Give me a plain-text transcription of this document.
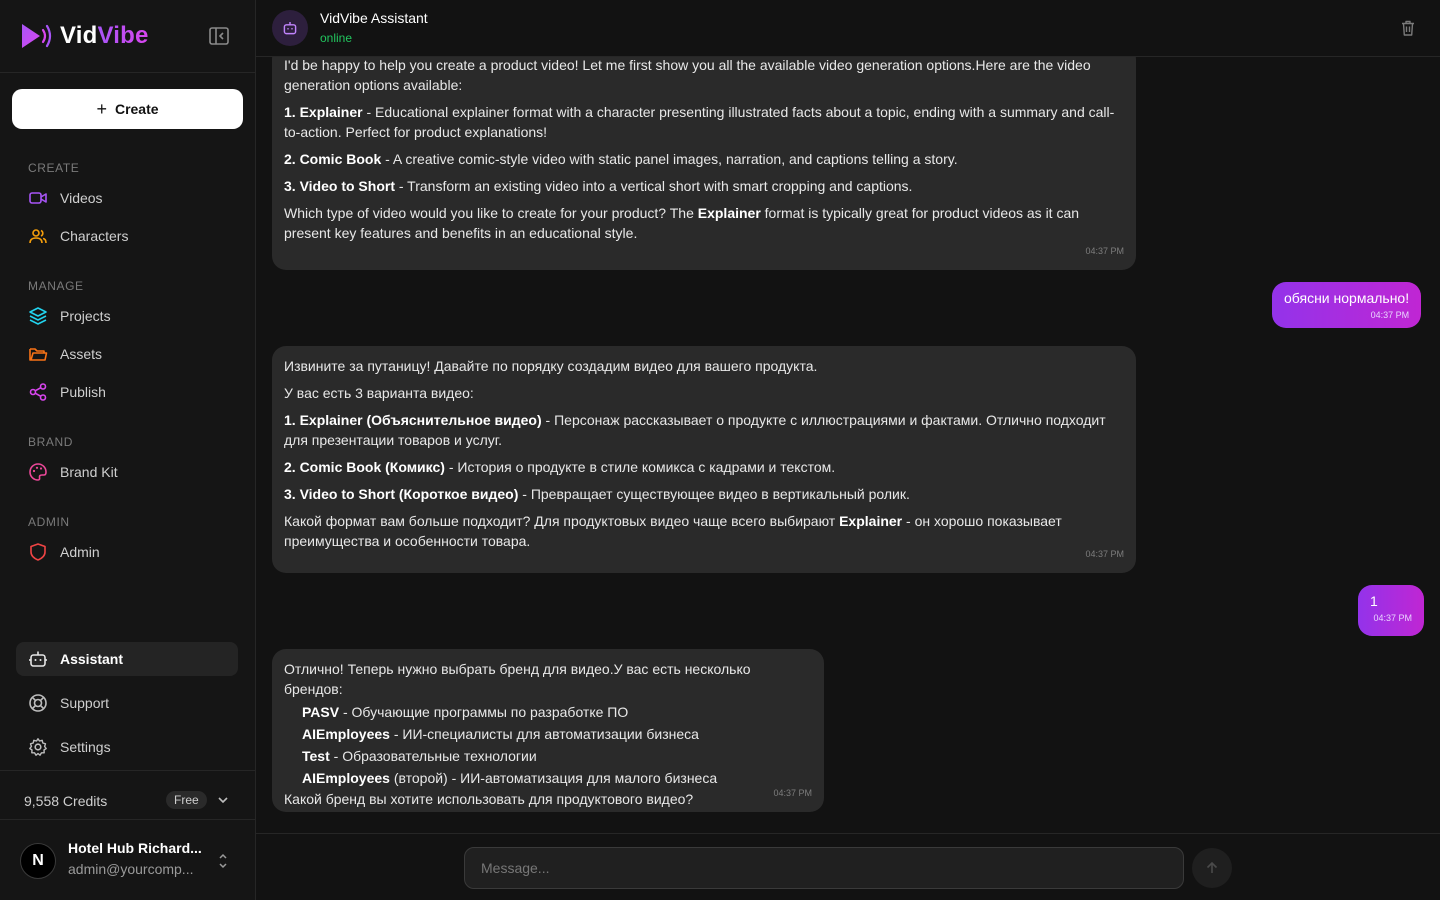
VidVibe
+ Create
CREATE
Videos
Characters
MANAGE
Projects
Assets
Publish
BRAND
Brand Kit
ADMIN
Admin
Assistant
Support
Settings
9,558 Credits	Free
N
Hotel Hub Richard...
admin@yourcomp...
VidVibe Assistant
online

I'd be happy to help you create a product video! Let me first show you all the available video generation options.Here are the video generation options available:

1. Explainer - Educational explainer format with a character presenting illustrated facts about a topic, ending with a summary and call-to-action. Perfect for product explanations!

2. Comic Book - A creative comic-style video with static panel images, narration, and captions telling a story.

3. Video to Short - Transform an existing video into a vertical short with smart cropping and captions.

Which type of video would you like to create for your product? The Explainer format is typically great for product videos as it can present key features and benefits in an educational style.

04:37 PM
обясни нормально!
04:37 PM

Извините за путаницу! Давайте по порядку создадим видео для вашего продукта.

У вас есть 3 варианта видео:

1. Explainer (Объяснительное видео) - Персонаж рассказывает о продукте с иллюстрациями и фактами. Отлично подходит для презентации товаров и услуг.

2. Comic Book (Комикс) - История о продукте в стиле комикса с кадрами и текстом.

3. Video to Short (Короткое видео) - Превращает существующее видео в вертикальный ролик.

Какой формат вам больше подходит? Для продуктовых видео чаще всего выбирают Explainer - он хорошо показывает преимущества и особенности товара.

04:37 PM
1
04:37 PM
Отлично! Теперь нужно выбрать бренд для видео.У вас есть несколько брендов:
PASV - Обучающие программы по разработке ПО
AIEmployees - ИИ-специалисты для автоматизации бизнеса
Test - Образовательные технологии
AIEmployees (второй) - ИИ-автоматизация для малого бизнеса
Какой бренд вы хотите использовать для продуктового видео?	04:37 PM
Message...
